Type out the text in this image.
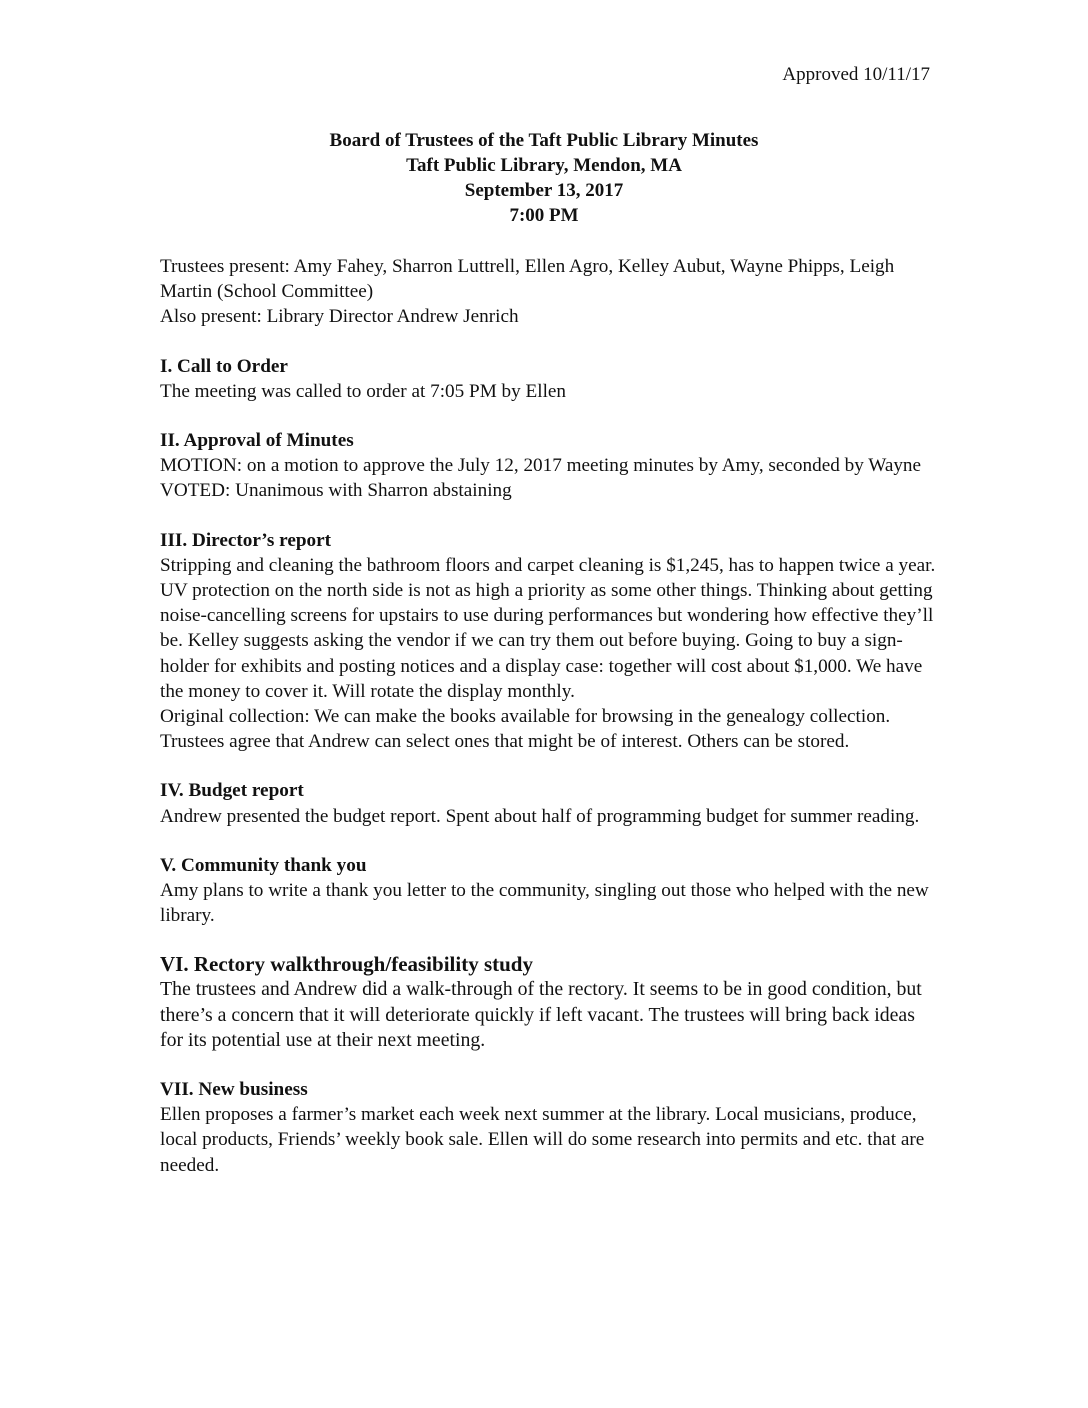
Approved 10/11/17
Board of Trustees of the Taft Public Library Minutes
Taft Public Library, Mendon, MA
September 13, 2017
7:00 PM

Trustees present: Amy Fahey, Sharron Luttrell, Ellen Agro, Kelley Aubut, Wayne Phipps, Leigh Martin (School Committee)

Also present: Library Director Andrew Jenrich

I. Call to Order

The meeting was called to order at 7:05 PM by Ellen

II. Approval of Minutes

MOTION: on a motion to approve the July 12, 2017 meeting minutes by Amy, seconded by Wayne

VOTED: Unanimous with Sharron abstaining

III. Director’s report

Stripping and cleaning the bathroom floors and carpet cleaning is $1,245, has to happen twice a year. UV protection on the north side is not as high a priority as some other things. Thinking about getting noise-cancelling screens for upstairs to use during performances but wondering how effective they’ll be. Kelley suggests asking the vendor if we can try them out before buying. Going to buy a sign-holder for exhibits and posting notices and a display case: together will cost about $1,000. We have the money to cover it. Will rotate the display monthly.

Original collection: We can make the books available for browsing in the genealogy collection. Trustees agree that Andrew can select ones that might be of interest. Others can be stored.

IV. Budget report

Andrew presented the budget report. Spent about half of programming budget for summer reading.

V. Community thank you

Amy plans to write a thank you letter to the community, singling out those who helped with the new library.

VI. Rectory walkthrough/feasibility study

The trustees and Andrew did a walk-through of the rectory. It seems to be in good condition, but there’s a concern that it will deteriorate quickly if left vacant. The trustees will bring back ideas for its potential use at their next meeting.

VII. New business

Ellen proposes a farmer’s market each week next summer at the library. Local musicians, produce, local products, Friends’ weekly book sale. Ellen will do some research into permits and etc. that are needed.
